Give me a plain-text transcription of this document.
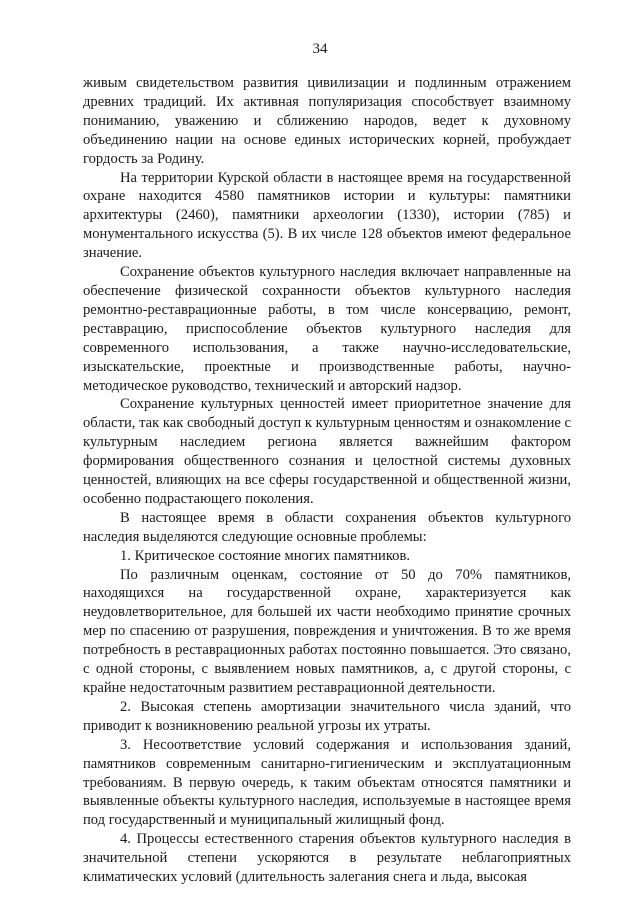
34

живым свидетельством развития цивилизации и подлинным отражением древних традиций. Их активная популяризация способствует взаимному пониманию, уважению и сближению народов, ведет к духовному объединению нации на основе единых исторических корней, пробуждает гордость за Родину.

На территории Курской области в настоящее время на государственной охране находится 4580 памятников истории и культуры: памятники архитектуры (2460), памятники археологии (1330), истории (785) и монументального искусства (5). В их числе 128 объектов имеют федеральное значение.

Сохранение объектов культурного наследия включает направленные на обеспечение физической сохранности объектов культурного наследия ремонтно-реставрационные работы, в том числе консервацию, ремонт, реставрацию, приспособление объектов культурного наследия для современного использования, а также научно-исследовательские, изыскательские, проектные и производственные работы, научно-методическое руководство, технический и авторский надзор.

Сохранение культурных ценностей имеет приоритетное значение для области, так как свободный доступ к культурным ценностям и ознакомление с культурным наследием региона является важнейшим фактором формирования общественного сознания и целостной системы духовных ценностей, влияющих на все сферы государственной и общественной жизни, особенно подрастающего поколения.

В настоящее время в области сохранения объектов культурного наследия выделяются следующие основные проблемы:

1. Критическое состояние многих памятников.

По различным оценкам, состояние от 50 до 70% памятников, находящихся на государственной охране, характеризуется как неудовлетворительное, для большей их части необходимо принятие срочных мер по спасению от разрушения, повреждения и уничтожения. В то же время потребность в реставрационных работах постоянно повышается. Это связано, с одной стороны, с выявлением новых памятников, а, с другой стороны, с крайне недостаточным развитием реставрационной деятельности.

2. Высокая степень амортизации значительного числа зданий, что приводит к возникновению реальной угрозы их утраты.

3. Несоответствие условий содержания и использования зданий, памятников современным санитарно-гигиеническим и эксплуатационным требованиям. В первую очередь, к таким объектам относятся памятники и выявленные объекты культурного наследия, используемые в настоящее время под государственный и муниципальный жилищный фонд.

4. Процессы естественного старения объектов культурного наследия в значительной степени ускоряются в результате неблагоприятных климатических условий (длительность залегания снега и льда, высокая
